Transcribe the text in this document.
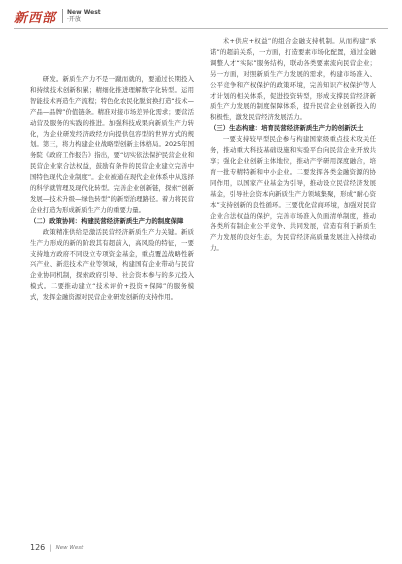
新西部 New West
·开放

研发。新质生产力不是一蹴而就的，要通过长期投入和持续技术创新积累；精细化推进理解数字化转型。运用智能技术再造生产流程；特色化农民化脱贫换打造“技术—产品—品牌”价值链条。精准对接市场差异化需求；要营活动营及服务的实践的推进。加强科技成果向新质生产力转化，为企业研发经济政经方向提供包容型的世界方式的规划。第三，将力构建企业战略型创新主体格局。2025年国务院《政府工作报告》指出，要“切实依法保护民营企业和民营企业家合法权益，鼓励有条件的民营企业建立完善中国特色现代企业制度”。企业被通在现代企业体系中从选择的科学就管理及现代化转型。完善企业创新链，探索“创新发展—技术升级—绿色转型”的新型治理路径。着力将民营企业打造为形成新质生产力的重要力量。

（二）政策协同：构建民营经济新质生产力的制度保障

政策精准供给是激活民营经济新质生产力关键。新质生产力形成的新的阶段其有超前入，高风险的特征，一要支持地方政府不同设立专项资金基金，重点覆盖战略性新兴产业、新范技术产业等领域，构建国有企业带动与民营企业协同机制，探索政府引导、社会资本参与的多元投入模式。二要推动建立“技术评价+投资+保障”的服务模式，发挥金融资源对民营企业研发创新的支持作用。

术+供应+权益”的组合金融支持机制。从而构建“承诺”的超前关系，一方面，打造要素市场化配置，通过金融调整人才“实际”服务结构，联动各类要素流向民营企业；另一方面，对照新质生产力发展的需求，构建市场准入、公平竞争和产权保护的政策环境，完善知识产权保护等人才计划的相关体系，促进投资转型，形成支撑民营经济新质生产力发展的制度保障体系，提升民营企业创新投入的积极性，激发民营经济发展活力。

（三）生态构建：培育民营经济新质生产力的创新沃土

一要支持较早型民企参与构建国家级重点技术攻关任务，推动重大科技基础设施和实验平台向民营企业开放共享；强化企业创新主体地位，推动产学研用深度融合，培育一批专精特新和中小企业。二要发挥各类金融资源的协同作用，以国家产业基金为引导，推动设立民营经济发展基金，引导社会资本向新质生产力领域集聚，形成“耐心资本”支持创新的良性循环。三要优化营商环境，加强对民营企业合法权益的保护，完善市场准入负面清单制度，推动各类所有制企业公平竞争、共同发展，营造有利于新质生产力发展的良好生态，为民营经济高质量发展注入持续动力。

126 | New West
